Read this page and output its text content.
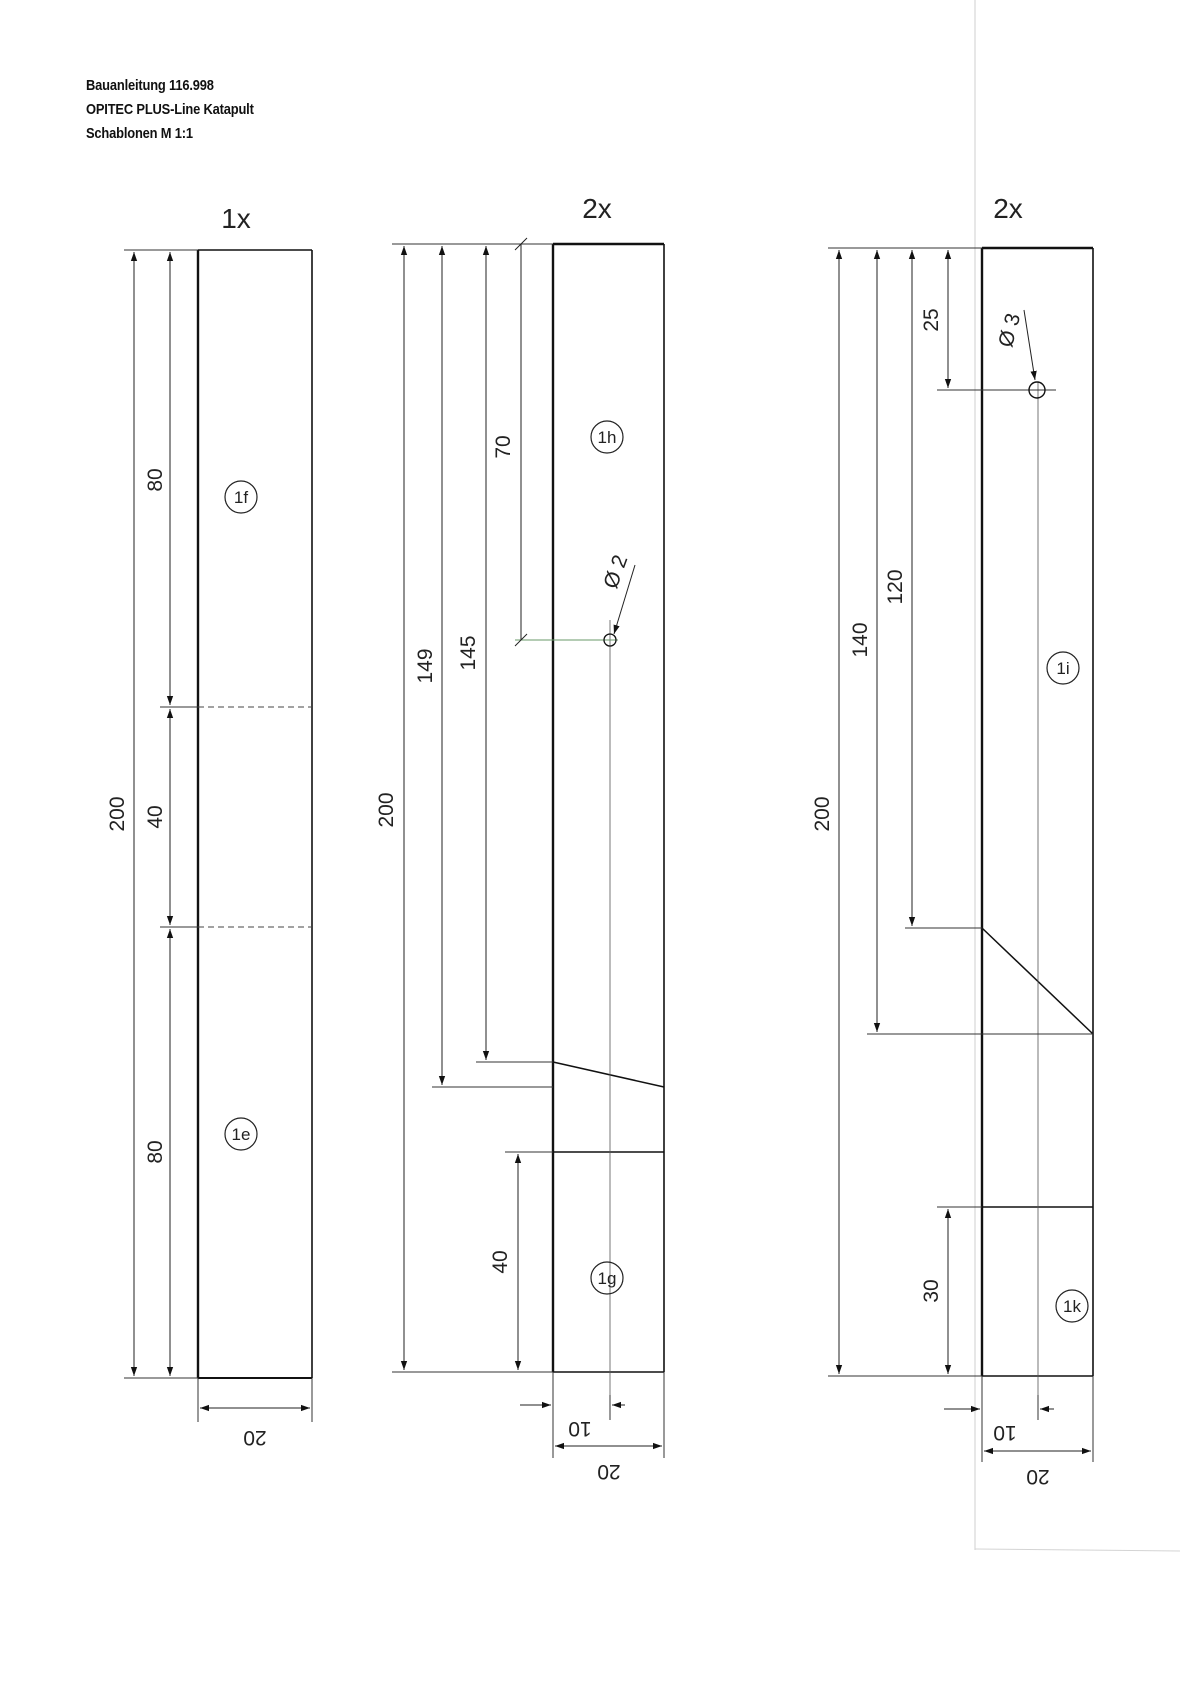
Bauanleitung 116.998
OPITEC PLUS-Line Katapult
Schablonen M 1:1
1x
200
80
40
80
20
1f
1e
2x
Ø 2
200
149 145
70
40
10
20
1h
1g
2x
Ø 3
200
140
120
25
30
10
20
1i
1k
